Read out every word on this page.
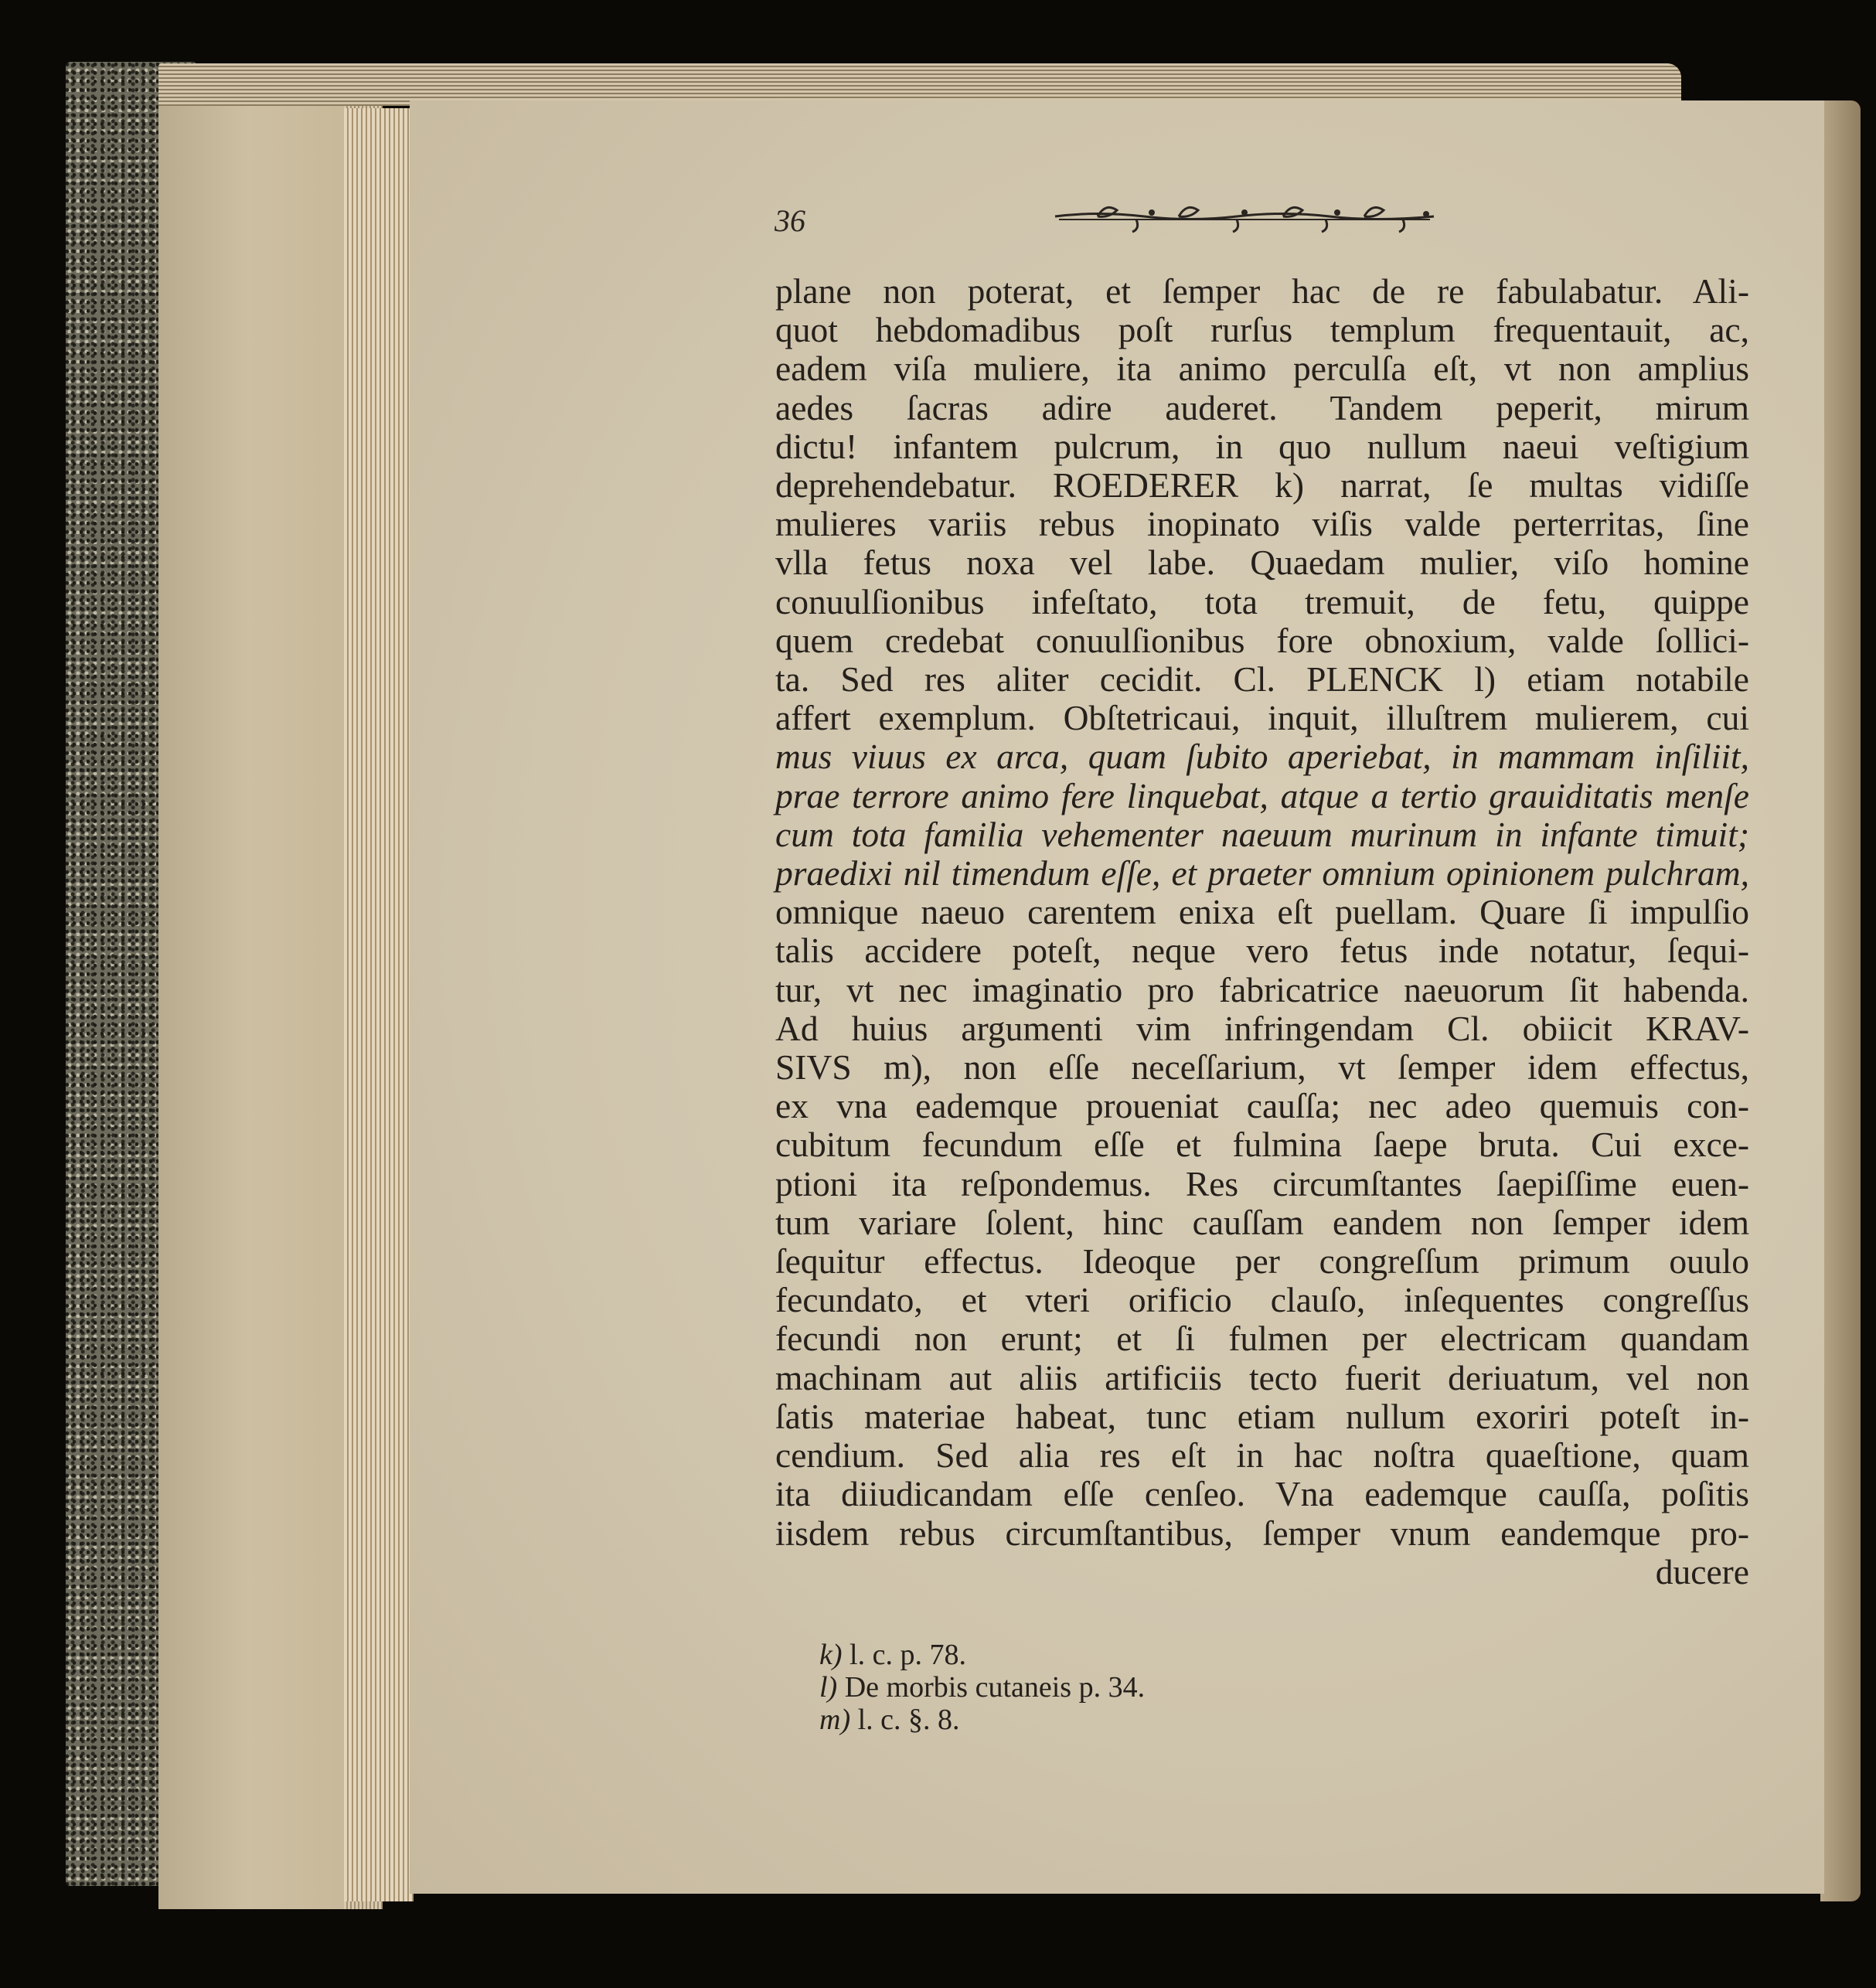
36
plane non poterat, et ſemper hac de re fabulabatur. Ali-
quot hebdomadibus poſt rurſus templum frequentauit, ac,
eadem viſa muliere, ita animo perculſa eſt, vt non amplius
aedes ſacras adire auderet. Tandem peperit, mirum
dictu! infantem pulcrum, in quo nullum naeui veſtigium
deprehendebatur. ROEDERER k) narrat, ſe multas vidiſſe
mulieres variis rebus inopinato viſis valde perterritas, ſine
vlla fetus noxa vel labe. Quaedam mulier, viſo homine
conuulſionibus infeſtato, tota tremuit, de fetu, quippe
quem credebat conuulſionibus fore obnoxium, valde ſollici-
ta. Sed res aliter cecidit. Cl. PLENCK l) etiam notabile
affert exemplum. Obſtetricaui, inquit, illuſtrem mulierem, cui
mus viuus ex arca, quam ſubito aperiebat, in mammam inſiliit,
prae terrore animo fere linquebat, atque a tertio grauiditatis menſe
cum tota familia vehementer naeuum murinum in infante timuit;
praedixi nil timendum eſſe, et praeter omnium opinionem pulchram,
omnique naeuo carentem enixa eſt puellam. Quare ſi impulſio
talis accidere poteſt, neque vero fetus inde notatur, ſequi-
tur, vt nec imaginatio pro fabricatrice naeuorum ſit habenda.
Ad huius argumenti vim infringendam Cl. obiicit KRAV-
SIVS m), non eſſe neceſſarium, vt ſemper idem effectus,
ex vna eademque proueniat cauſſa; nec adeo quemuis con-
cubitum fecundum eſſe et fulmina ſaepe bruta. Cui exce-
ptioni ita reſpondemus. Res circumſtantes ſaepiſſime euen-
tum variare ſolent, hinc cauſſam eandem non ſemper idem
ſequitur effectus. Ideoque per congreſſum primum ouulo
fecundato, et vteri orificio clauſo, inſequentes congreſſus
fecundi non erunt; et ſi fulmen per electricam quandam
machinam aut aliis artificiis tecto fuerit deriuatum, vel non
ſatis materiae habeat, tunc etiam nullum exoriri poteſt in-
cendium. Sed alia res eſt in hac noſtra quaeſtione, quam
ita diiudicandam eſſe cenſeo. Vna eademque cauſſa, poſitis
iisdem rebus circumſtantibus, ſemper vnum eandemque pro-
ducere
k) l. c. p. 78.
l) De morbis cutaneis p. 34.
m) l. c. §. 8.
